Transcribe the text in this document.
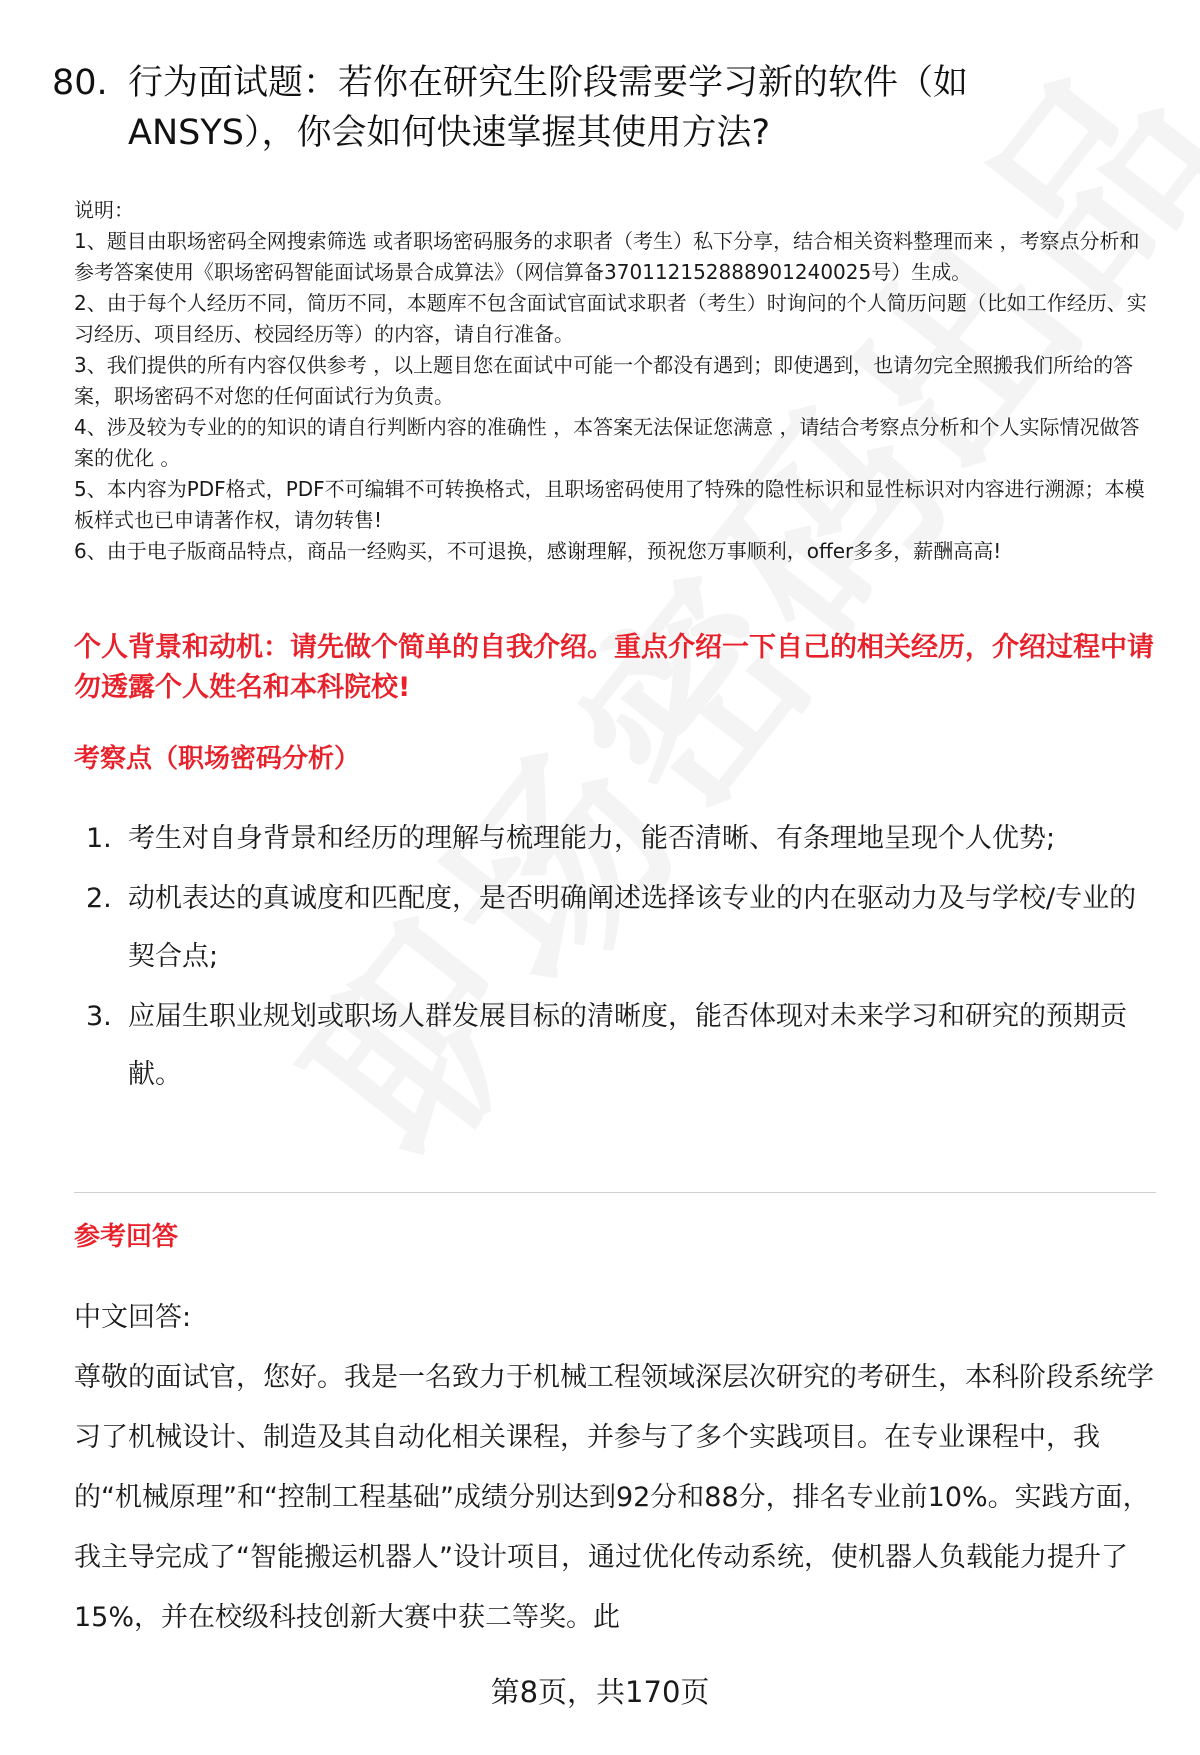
80. 行为面试题：若你在研究生阶段需要学习新的软件（如
ANSYS），你会如何快速掌握其使用方法?

说明：

1、题目由职场密码全网搜索筛选 或者职场密码服务的求职者（考生）私下分享，结合相关资料整理而来 ，考察点分析和参考答案使用《职场密码智能面试场景合成算法》（网信算备370112152888901240025号）生成。

2、由于每个人经历不同，简历不同，本题库不包含面试官面试求职者（考生）时询问的个人简历问题（比如工作经历、实习经历、项目经历、校园经历等）的内容，请自行准备。

3、我们提供的所有内容仅供参考 ，以上题目您在面试中可能一个都没有遇到；即使遇到，也请勿完全照搬我们所给的答案，职场密码不对您的任何面试行为负责。

4、涉及较为专业的的知识的请自行判断内容的准确性 ，本答案无法保证您满意 ，请结合考察点分析和个人实际情况做答案的优化 。

5、本内容为PDF格式，PDF不可编辑不可转换格式，且职场密码使用了特殊的隐性标识和显性标识对内容进行溯源；本模板样式也已申请著作权，请勿转售!

6、由于电子版商品特点，商品一经购买，不可退换，感谢理解，预祝您万事顺利，offer多多，薪酬高高!

个人背景和动机：请先做个简单的自我介绍。重点介绍一下自己的相关经历，介绍过程中请勿透露个人姓名和本科院校!
考察点（职场密码分析）
1. 考生对自身背景和经历的理解与梳理能力，能否清晰、有条理地呈现个人优势;
2. 动机表达的真诚度和匹配度，是否明确阐述选择该专业的内在驱动力及与学校/专业的契合点;
3. 应届生职业规划或职场人群发展目标的清晰度，能否体现对未来学习和研究的预期贡献。
参考回答

中文回答:

尊敬的面试官，您好。我是一名致力于机械工程领域深层次研究的考研生，本科阶段系统学习了机械设计、制造及其自动化相关课程，并参与了多个实践项目。在专业课程中，我的“机械原理”和“控制工程基础”成绩分别达到92分和88分，排名专业前10%。实践方面，我主导完成了“智能搬运机器人”设计项目，通过优化传动系统，使机器人负载能力提升了15%，并在校级科技创新大赛中获二等奖。此

第8页，共170页
